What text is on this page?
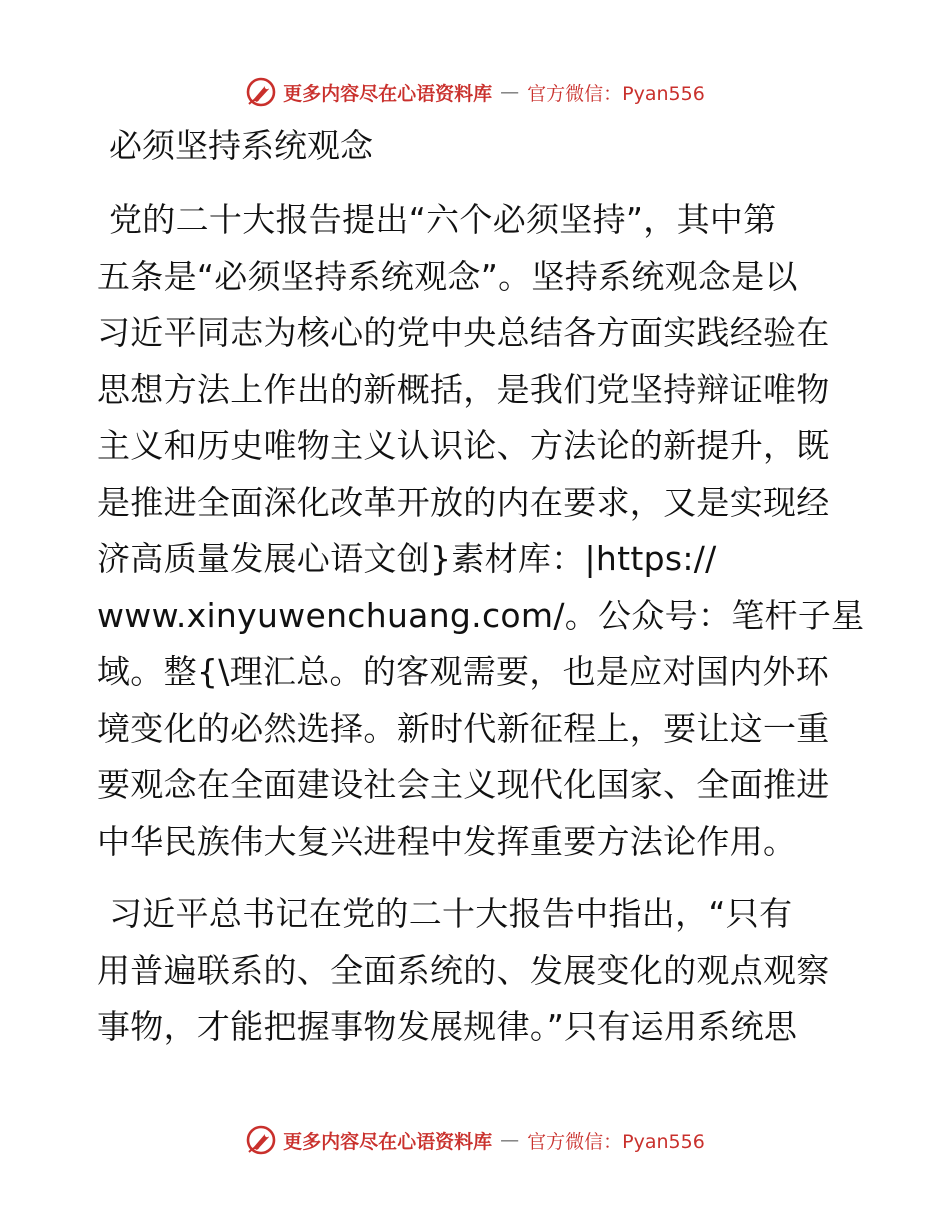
更多内容尽在心语资料库 — 官方微信：Pyan556
必须坚持系统观念
党的二十大报告提出“六个必须坚持”，其中第
五条是“必须坚持系统观念”。坚持系统观念是以
习近平同志为核心的党中央总结各方面实践经验在
思想方法上作出的新概括，是我们党坚持辩证唯物
主义和历史唯物主义认识论、方法论的新提升，既
是推进全面深化改革开放的内在要求，又是实现经
济高质量发展心语文创}素材库：|https://
www.xinyuwenchuang.com/。公众号：笔杆子星
域。整{\理汇总。的客观需要，也是应对国内外环
境变化的必然选择。新时代新征程上，要让这一重
要观念在全面建设社会主义现代化国家、全面推进
中华民族伟大复兴进程中发挥重要方法论作用。
习近平总书记在党的二十大报告中指出，“只有
用普遍联系的、全面系统的、发展变化的观点观察
事物，才能把握事物发展规律。”只有运用系统思
更多内容尽在心语资料库 — 官方微信：Pyan556
